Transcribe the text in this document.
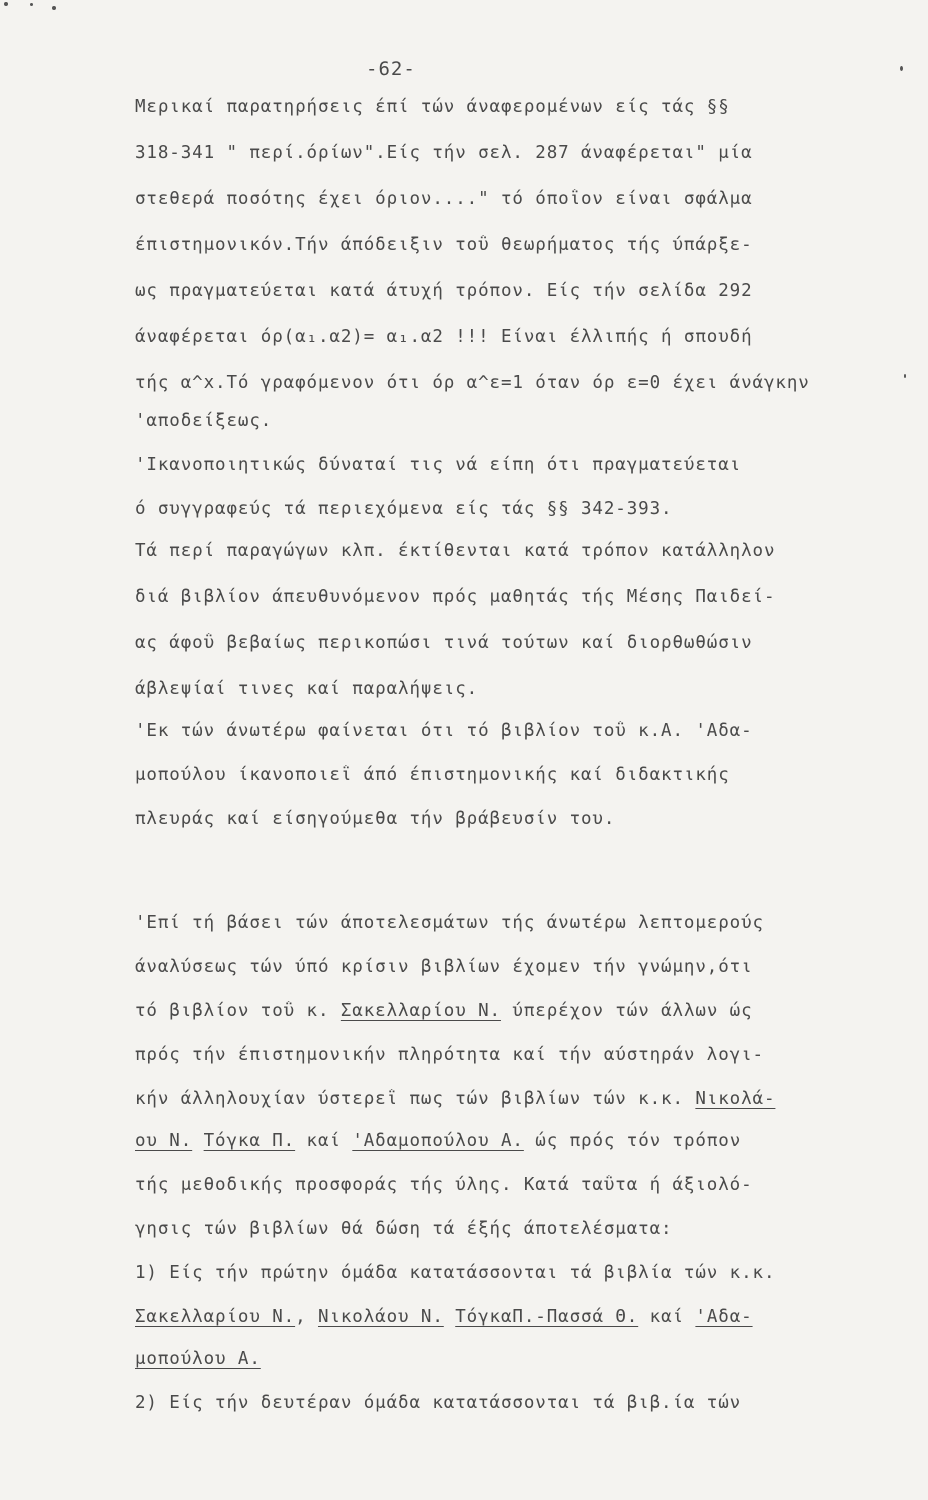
-62-
Μερικαί παρατηρήσεις έπί τών άναφερομένων είς τάς §§
318-341 " περί.όρίων".Είς τήν σελ. 287 άναφέρεται" μία
στεθερά ποσότης έχει όριον...." τό όποΐον είναι σφάλμα
έπιστημονικόν.Τήν άπόδειξιν τοΰ θεωρήματος τής ύπάρξε-
ως πραγματεύεται κατά άτυχή τρόπον. Είς τήν σελίδα 292
άναφέρεται όρ(α₁.α2)= α₁.α2 !!! Είναι έλλιπής ή σπουδή
τής α^x.Τό γραφόμενον ότι όρ α^ε=1 όταν όρ ε=0 έχει άνάγκην
'αποδείξεως.
'Ικανοποιητικώς δύναταί τις νά είπη ότι πραγματεύεται
ό συγγραφεύς τά περιεχόμενα είς τάς §§ 342-393.
Τά περί παραγώγων κλπ. έκτίθενται κατά τρόπον κατάλληλον
διά βιβλίον άπευθυνόμενον πρός μαθητάς τής Μέσης Παιδεί-
ας άφοΰ βεβαίως περικοπώσι τινά τούτων καί διορθωθώσιν
άβλεψίαί τινες καί παραλήψεις.
'Εκ τών άνωτέρω φαίνεται ότι τό βιβλίον τοΰ κ.Α. 'Αδα-
μοπούλου ίκανοποιεΐ άπό έπιστημονικής καί διδακτικής
πλευράς καί είσηγούμεθα τήν βράβευσίν του.
'Επί τή βάσει τών άποτελεσμάτων τής άνωτέρω λεπτομερούς
άναλύσεως τών ύπό κρίσιν βιβλίων έχομεν τήν γνώμην,ότι
τό βιβλίον τοΰ κ. Σακελλαρίου Ν. ύπερέχον τών άλλων ώς
πρός τήν έπιστημονικήν πληρότητα καί τήν αύστηράν λογι-
κήν άλληλουχίαν ύστερεΐ πως τών βιβλίων τών κ.κ. Νικολά-
ου Ν. Τόγκα Π. καί 'Αδαμοπούλου Α. ώς πρός τόν τρόπον
τής μεθοδικής προσφοράς τής ύλης. Κατά ταΰτα ή άξιολό-
γησις τών βιβλίων θά δώση τά έξής άποτελέσματα:
1) Είς τήν πρώτην όμάδα κατατάσσονται τά βιβλία τών κ.κ.
Σακελλαρίου Ν., Νικολάου Ν. ΤόγκαΠ.-Πασσά Θ. καί 'Αδα-
μοπούλου Α.
2) Είς τήν δευτέραν όμάδα κατατάσσονται τά βιβ.ία τών
